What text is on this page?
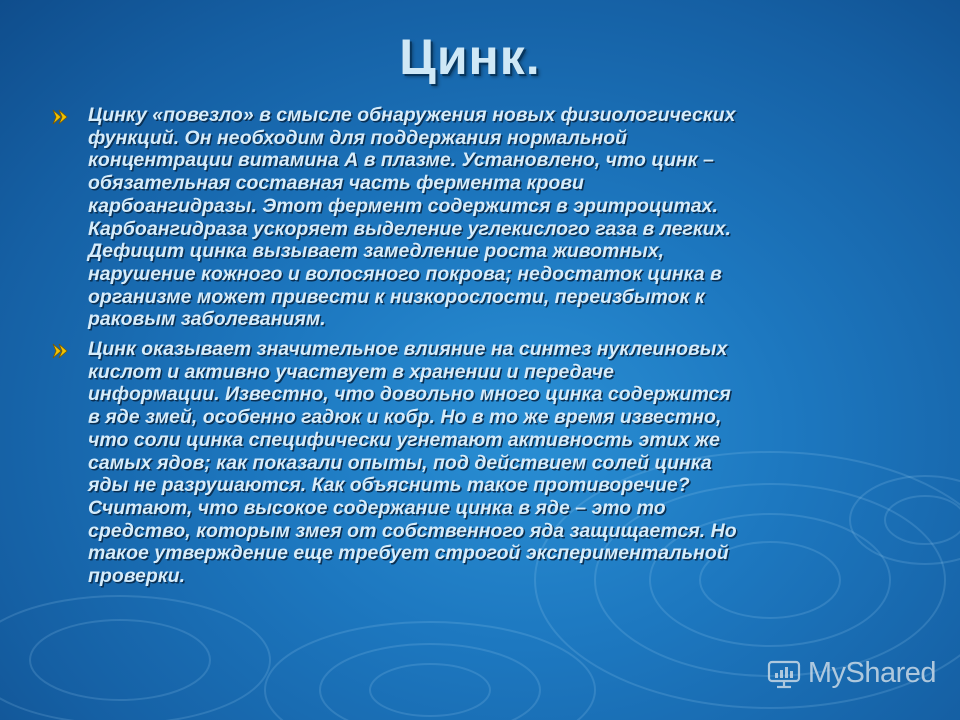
Цинк.
Цинку «повезло» в смысле обнаружения новых физиологических
функций. Он необходим для поддержания нормальной
концентрации витамина А в плазме. Установлено, что цинк –
обязательная составная часть фермента крови
карбоангидразы. Этот фермент содержится в эритроцитах.
Карбоангидраза ускоряет выделение углекислого газа в легких.
Дефицит цинка вызывает замедление роста животных,
нарушение кожного и волосяного покрова; недостаток цинка в
организме может привести к низкорослости, переизбыток к
раковым заболеваниям.
Цинк оказывает значительное влияние на синтез нуклеиновых
кислот и активно участвует в хранении и передаче
информации. Известно, что довольно много цинка содержится
в яде змей, особенно гадюк и кобр. Но в то же время известно,
что соли цинка специфически угнетают активность этих же
самых ядов; как показали опыты, под действием солей цинка
яды не разрушаются. Как объяснить такое противоречие?
Считают, что высокое содержание цинка в яде – это то
средство, которым змея от собственного яда защищается. Но
такое утверждение еще требует строгой экспериментальной
проверки.
MyShared
